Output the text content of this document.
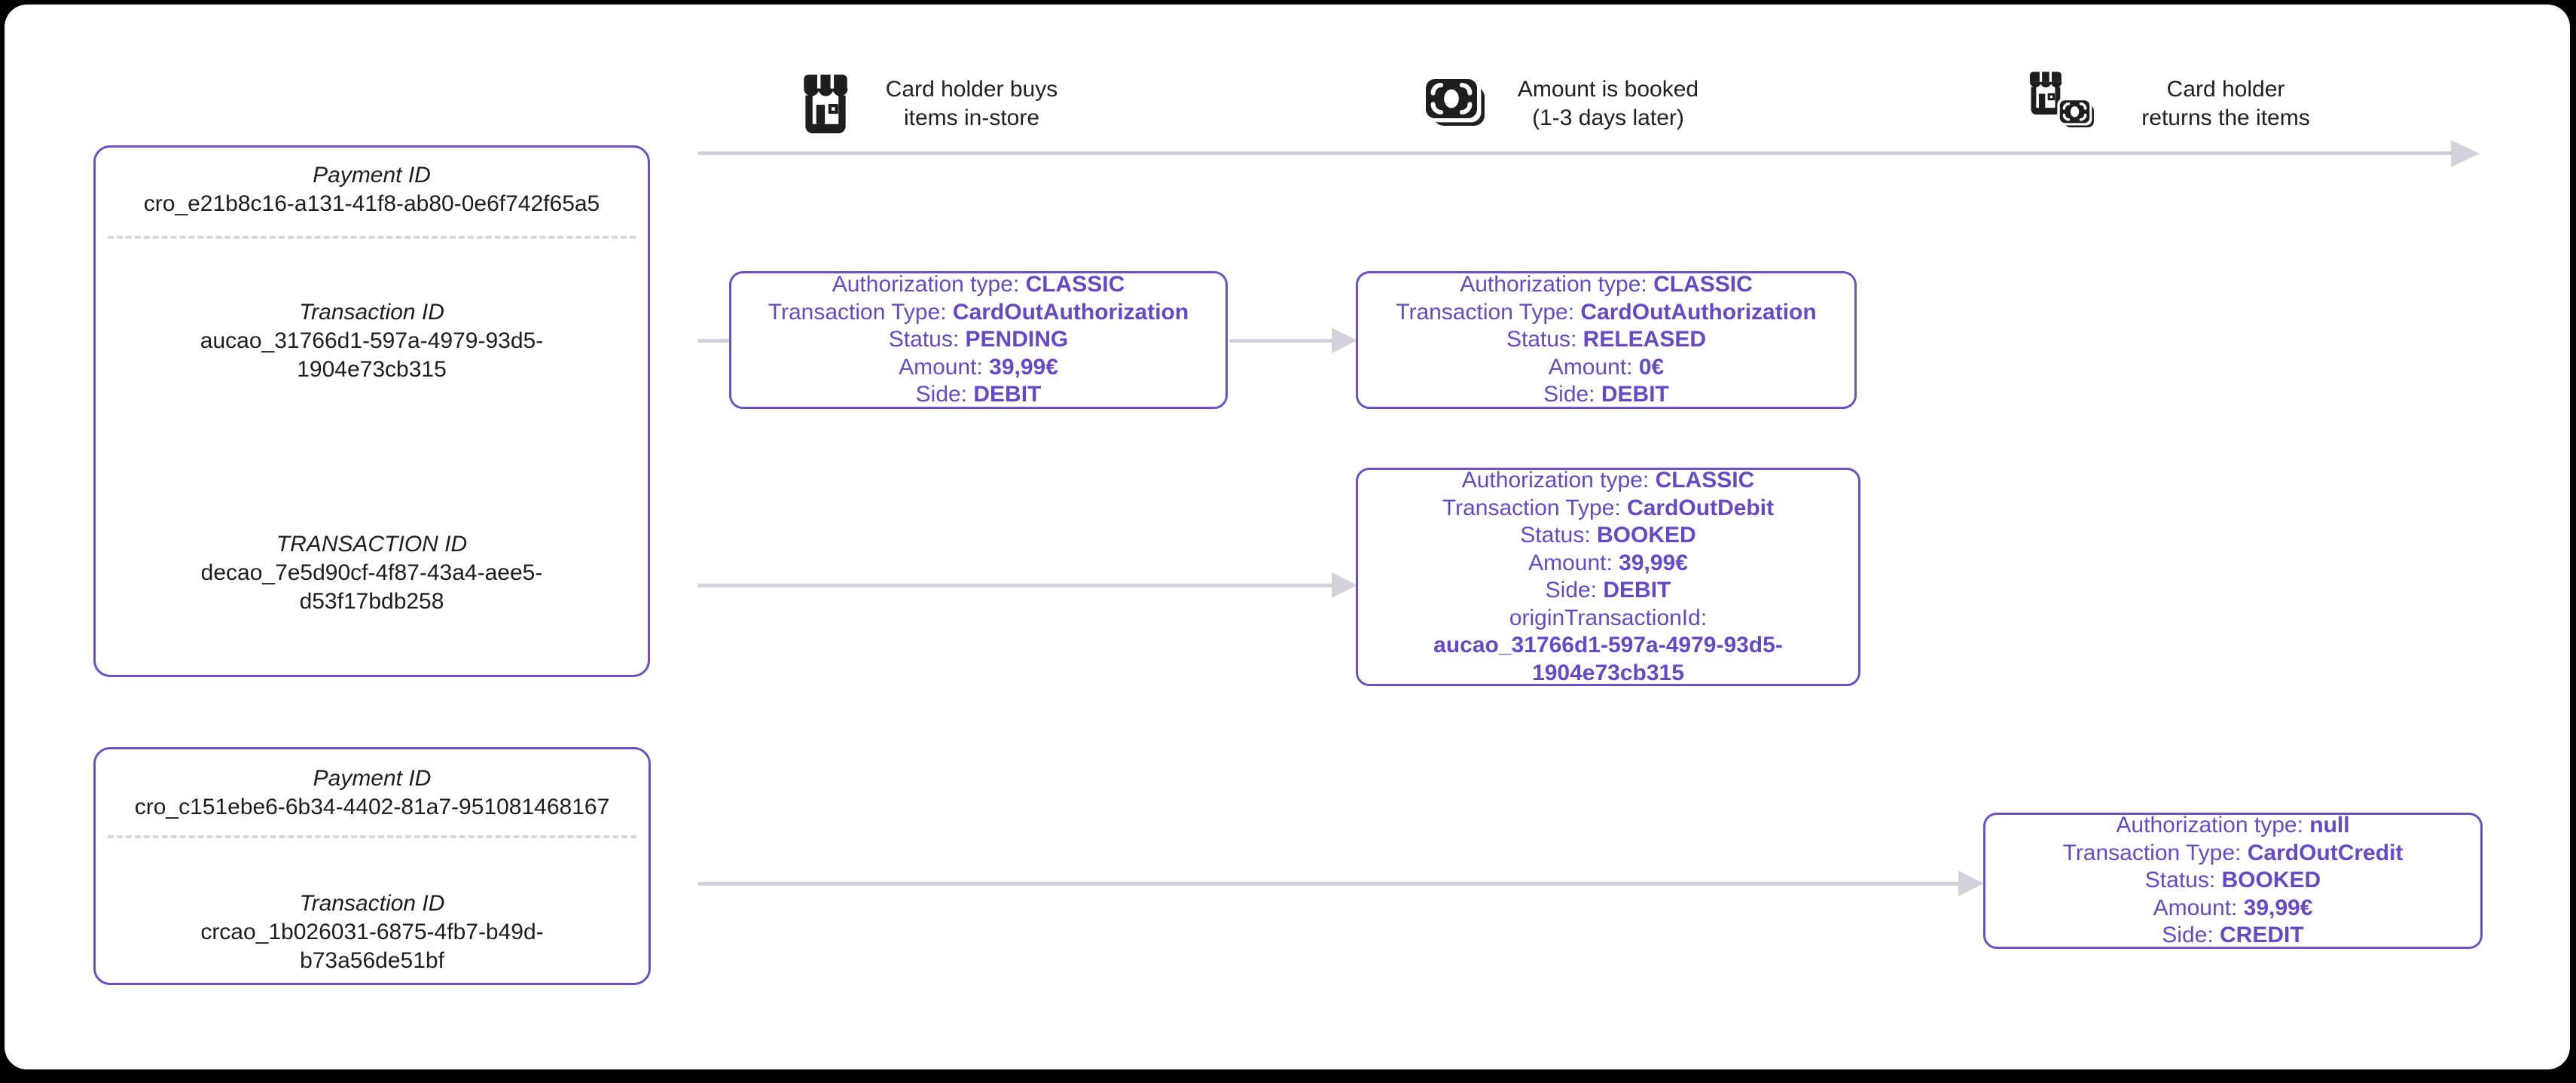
Card holder buys
items in-store
Amount is booked
(1-3 days later)
Card holder
returns the items
Payment ID
cro_e21b8c16-a131-41f8-ab80-0e6f742f65a5
Transaction ID
aucao_31766d1-597a-4979-93d5-1904e73cb315
TRANSACTION ID
decao_7e5d90cf-4f87-43a4-aee5-d53f17bdb258
Payment ID
cro_c151ebe6-6b34-4402-81a7-951081468167
Transaction ID
crcao_1b026031-6875-4fb7-b49d-b73a56de51bf
Authorization type: CLASSIC
Transaction Type: CardOutAuthorization
Status: PENDING
Amount: 39,99€
Side: DEBIT
Authorization type: CLASSIC
Transaction Type: CardOutAuthorization
Status: RELEASED
Amount: 0€
Side: DEBIT
Authorization type: CLASSIC
Transaction Type: CardOutDebit
Status: BOOKED
Amount: 39,99€
Side: DEBIT
originTransactionId:
aucao_31766d1-597a-4979-93d5-1904e73cb315
Authorization type: null
Transaction Type: CardOutCredit
Status: BOOKED
Amount: 39,99€
Side: CREDIT
